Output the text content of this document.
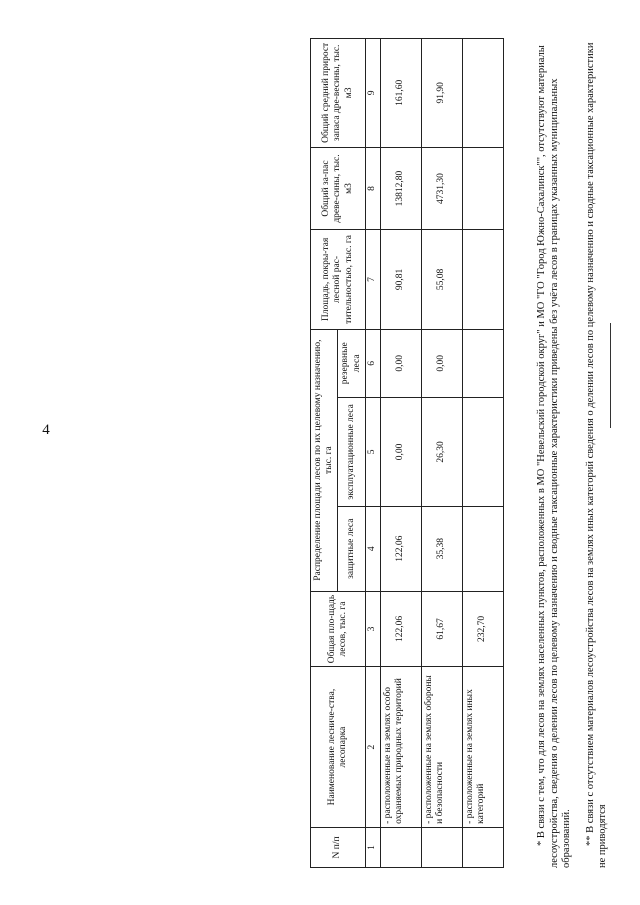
4
N п/п	Наименование лесниче-ства, лесопарка	Общая пло-щадь лесов, тыс. га	Распределение площади лесов по их целевому назначению, тыс. га			Площадь, покры-тая лесной рас-тительностью, тыс. га	Общий за-пас древе-сины, тыс. м3	Общий средний прирост запаса дре-весины, тыс. м3
			защитные леса	эксплуатационные леса	резервные леса			
1	2	3	4	5	6	7	8	9
	- расположенные на землях особо охраняемых природных территорий	122,06	122,06	0,00	0,00	90,81	13812,80	161,60
	- расположенные на землях обороны и безопасности	61,67	35,38	26,30	0,00	55,08	4731,30	91,90
	- расположенные на землях иных категорий	232,70							* В связи с тем, что для лесов на землях населенных пунктов, расположенных в МО "Невельский городской округ" и МО "ГО "Город Южно-Сахалинск"", отсутствуют материалы лесоустройства, сведения о делении лесов по целевому назначению и сводные таксационные характеристики приведены без учёта лесов в границах указанных муниципальных образований. ** В связи с отсутствием материалов лесоустройства лесов на землях иных категорий сведения о делении лесов по целевому назначению и сводные таксационные характеристики не приводятся
